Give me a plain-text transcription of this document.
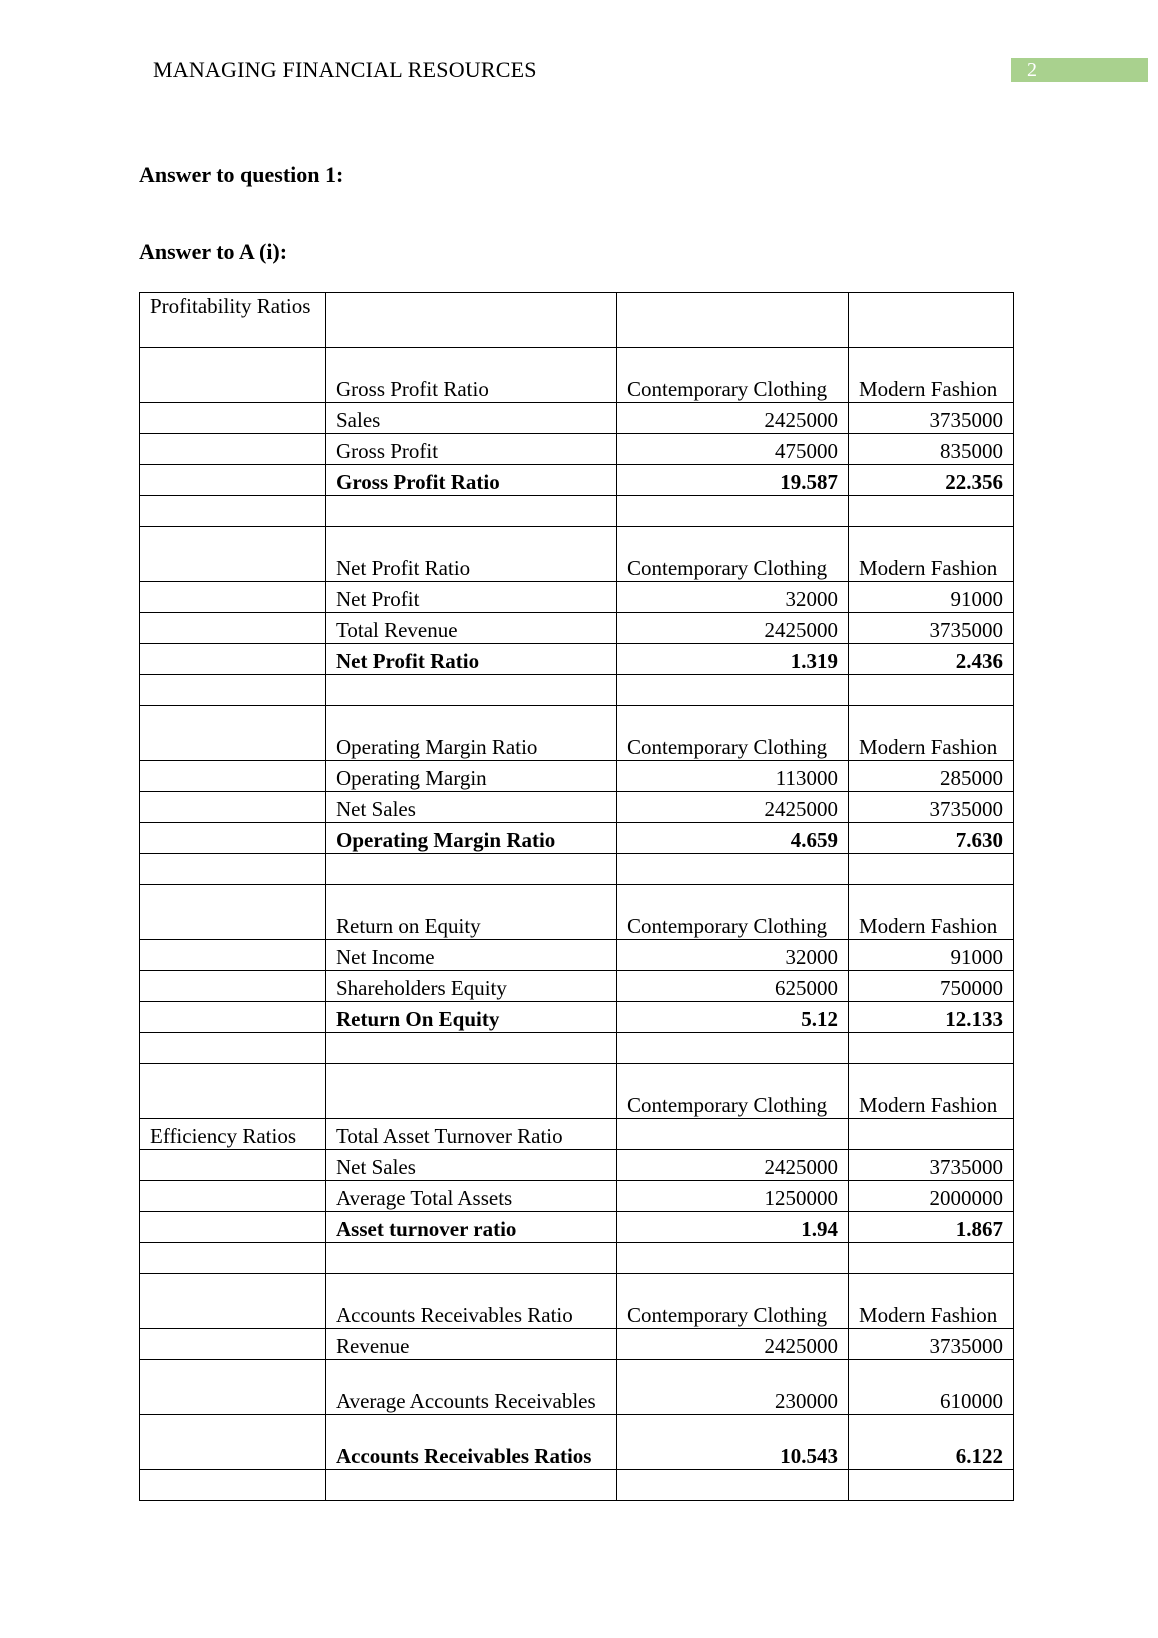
MANAGING FINANCIAL RESOURCES	2
Answer to question 1:
Answer to A (i):
Profitability Ratios			
	Gross Profit Ratio	Contemporary Clothing	Modern Fashion
	Sales	2425000	3735000
	Gross Profit	475000	835000
	Gross Profit Ratio	19.587	22.356

	Net Profit Ratio	Contemporary Clothing	Modern Fashion
	Net Profit	32000	91000
	Total Revenue	2425000	3735000
	Net Profit Ratio	1.319	2.436

	Operating Margin Ratio	Contemporary Clothing	Modern Fashion
	Operating Margin	113000	285000
	Net Sales	2425000	3735000
	Operating Margin Ratio	4.659	7.630

	Return on Equity	Contemporary Clothing	Modern Fashion
	Net Income	32000	91000
	Shareholders Equity	625000	750000
	Return On Equity	5.12	12.133

		Contemporary Clothing	Modern Fashion
Efficiency Ratios	Total Asset Turnover Ratio		
	Net Sales	2425000	3735000
	Average Total Assets	1250000	2000000
	Asset turnover ratio	1.94	1.867

	Accounts Receivables Ratio	Contemporary Clothing	Modern Fashion
	Revenue	2425000	3735000
	Average Accounts Receivables	230000	610000
	Accounts Receivables Ratios	10.543	6.122
